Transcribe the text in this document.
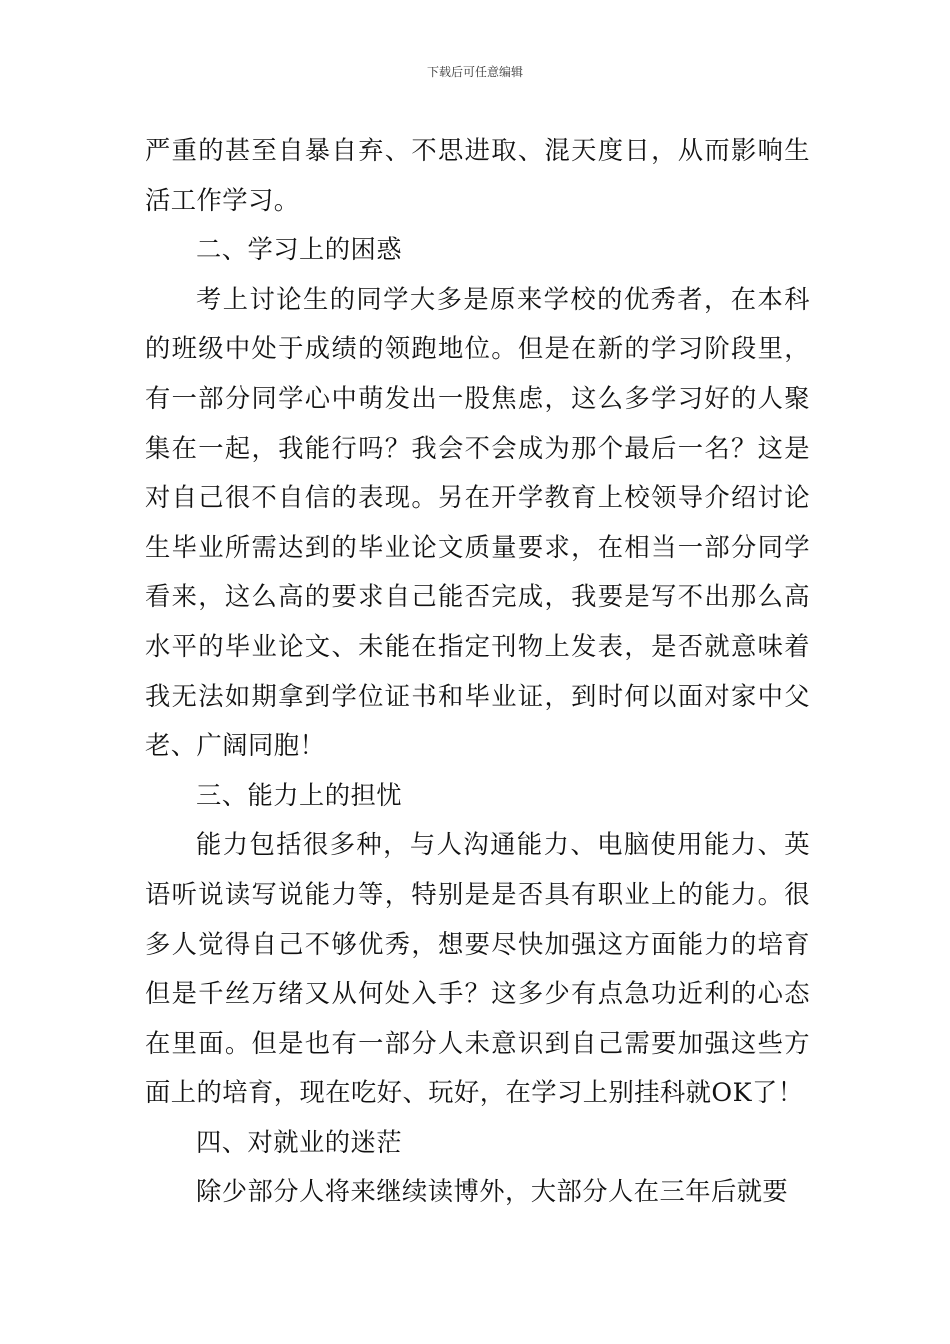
下载后可任意编辑

严重的甚至自暴自弃、不思进取、混天度日，从而影响生活工作学习。

二、学习上的困惑

考上讨论生的同学大多是原来学校的优秀者，在本科的班级中处于成绩的领跑地位。但是在新的学习阶段里，有一部分同学心中萌发出一股焦虑，这么多学习好的人聚集在一起，我能行吗？我会不会成为那个最后一名？这是对自己很不自信的表现。另在开学教育上校领导介绍讨论生毕业所需达到的毕业论文质量要求，在相当一部分同学看来，这么高的要求自己能否完成，我要是写不出那么高水平的毕业论文、未能在指定刊物上发表，是否就意味着我无法如期拿到学位证书和毕业证，到时何以面对家中父老、广阔同胞！

三、能力上的担忧

能力包括很多种，与人沟通能力、电脑使用能力、英语听说读写说能力等，特别是是否具有职业上的能力。很多人觉得自己不够优秀，想要尽快加强这方面能力的培育但是千丝万绪又从何处入手？这多少有点急功近利的心态在里面。但是也有一部分人未意识到自己需要加强这些方面上的培育，现在吃好、玩好，在学习上别挂科就OK了！

四、对就业的迷茫

除少部分人将来继续读博外，大部分人在三年后就要
